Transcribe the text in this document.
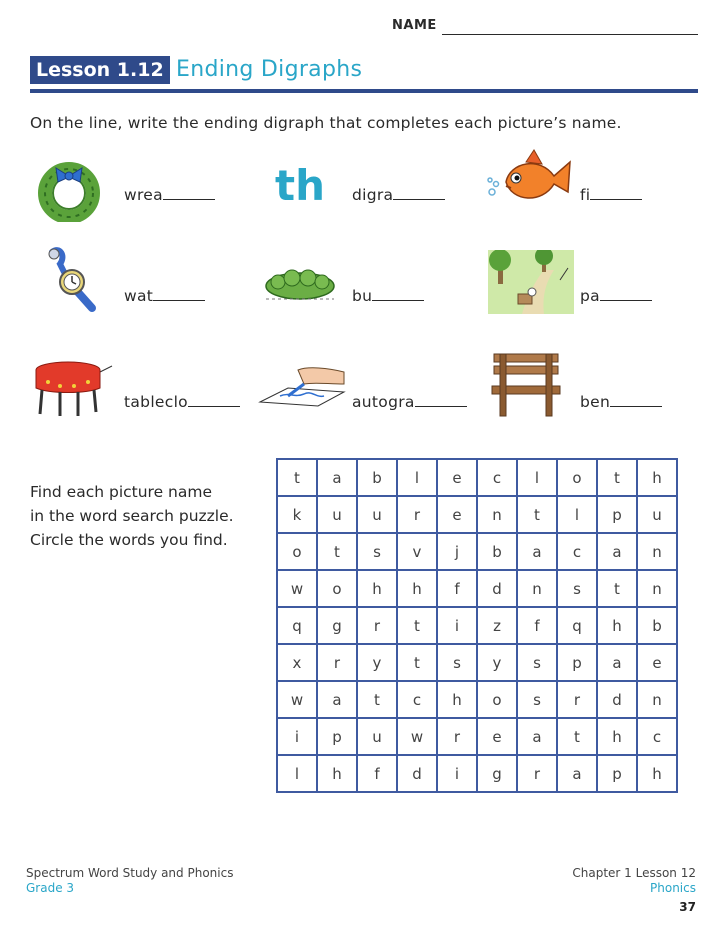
NAME
Lesson 1.12 Ending Digraphs
On the line, write the ending digraph that completes each picture’s name.
wrea	th digra	fi
wat	bu	pa
tableclo	autogra	ben
Find each picture name
in the word search puzzle.
Circle the words you find.
t	a	b	l	e	c	l	o	t	h
k	u	u	r	e	n	t	l	p	u
o	t	s	v	j	b	a	c	a	n
w	o	h	h	f	d	n	s	t	n
q	g	r	t	i	z	f	q	h	b
x	r	y	t	s	y	s	p	a	e
w	a	t	c	h	o	s	r	d	n
i	p	u	w	r	e	a	t	h	c
l	h	f	d	i	g	r	a	p	h
Spectrum Word Study and Phonics
Grade 3
Chapter 1 Lesson 12
Phonics
37
